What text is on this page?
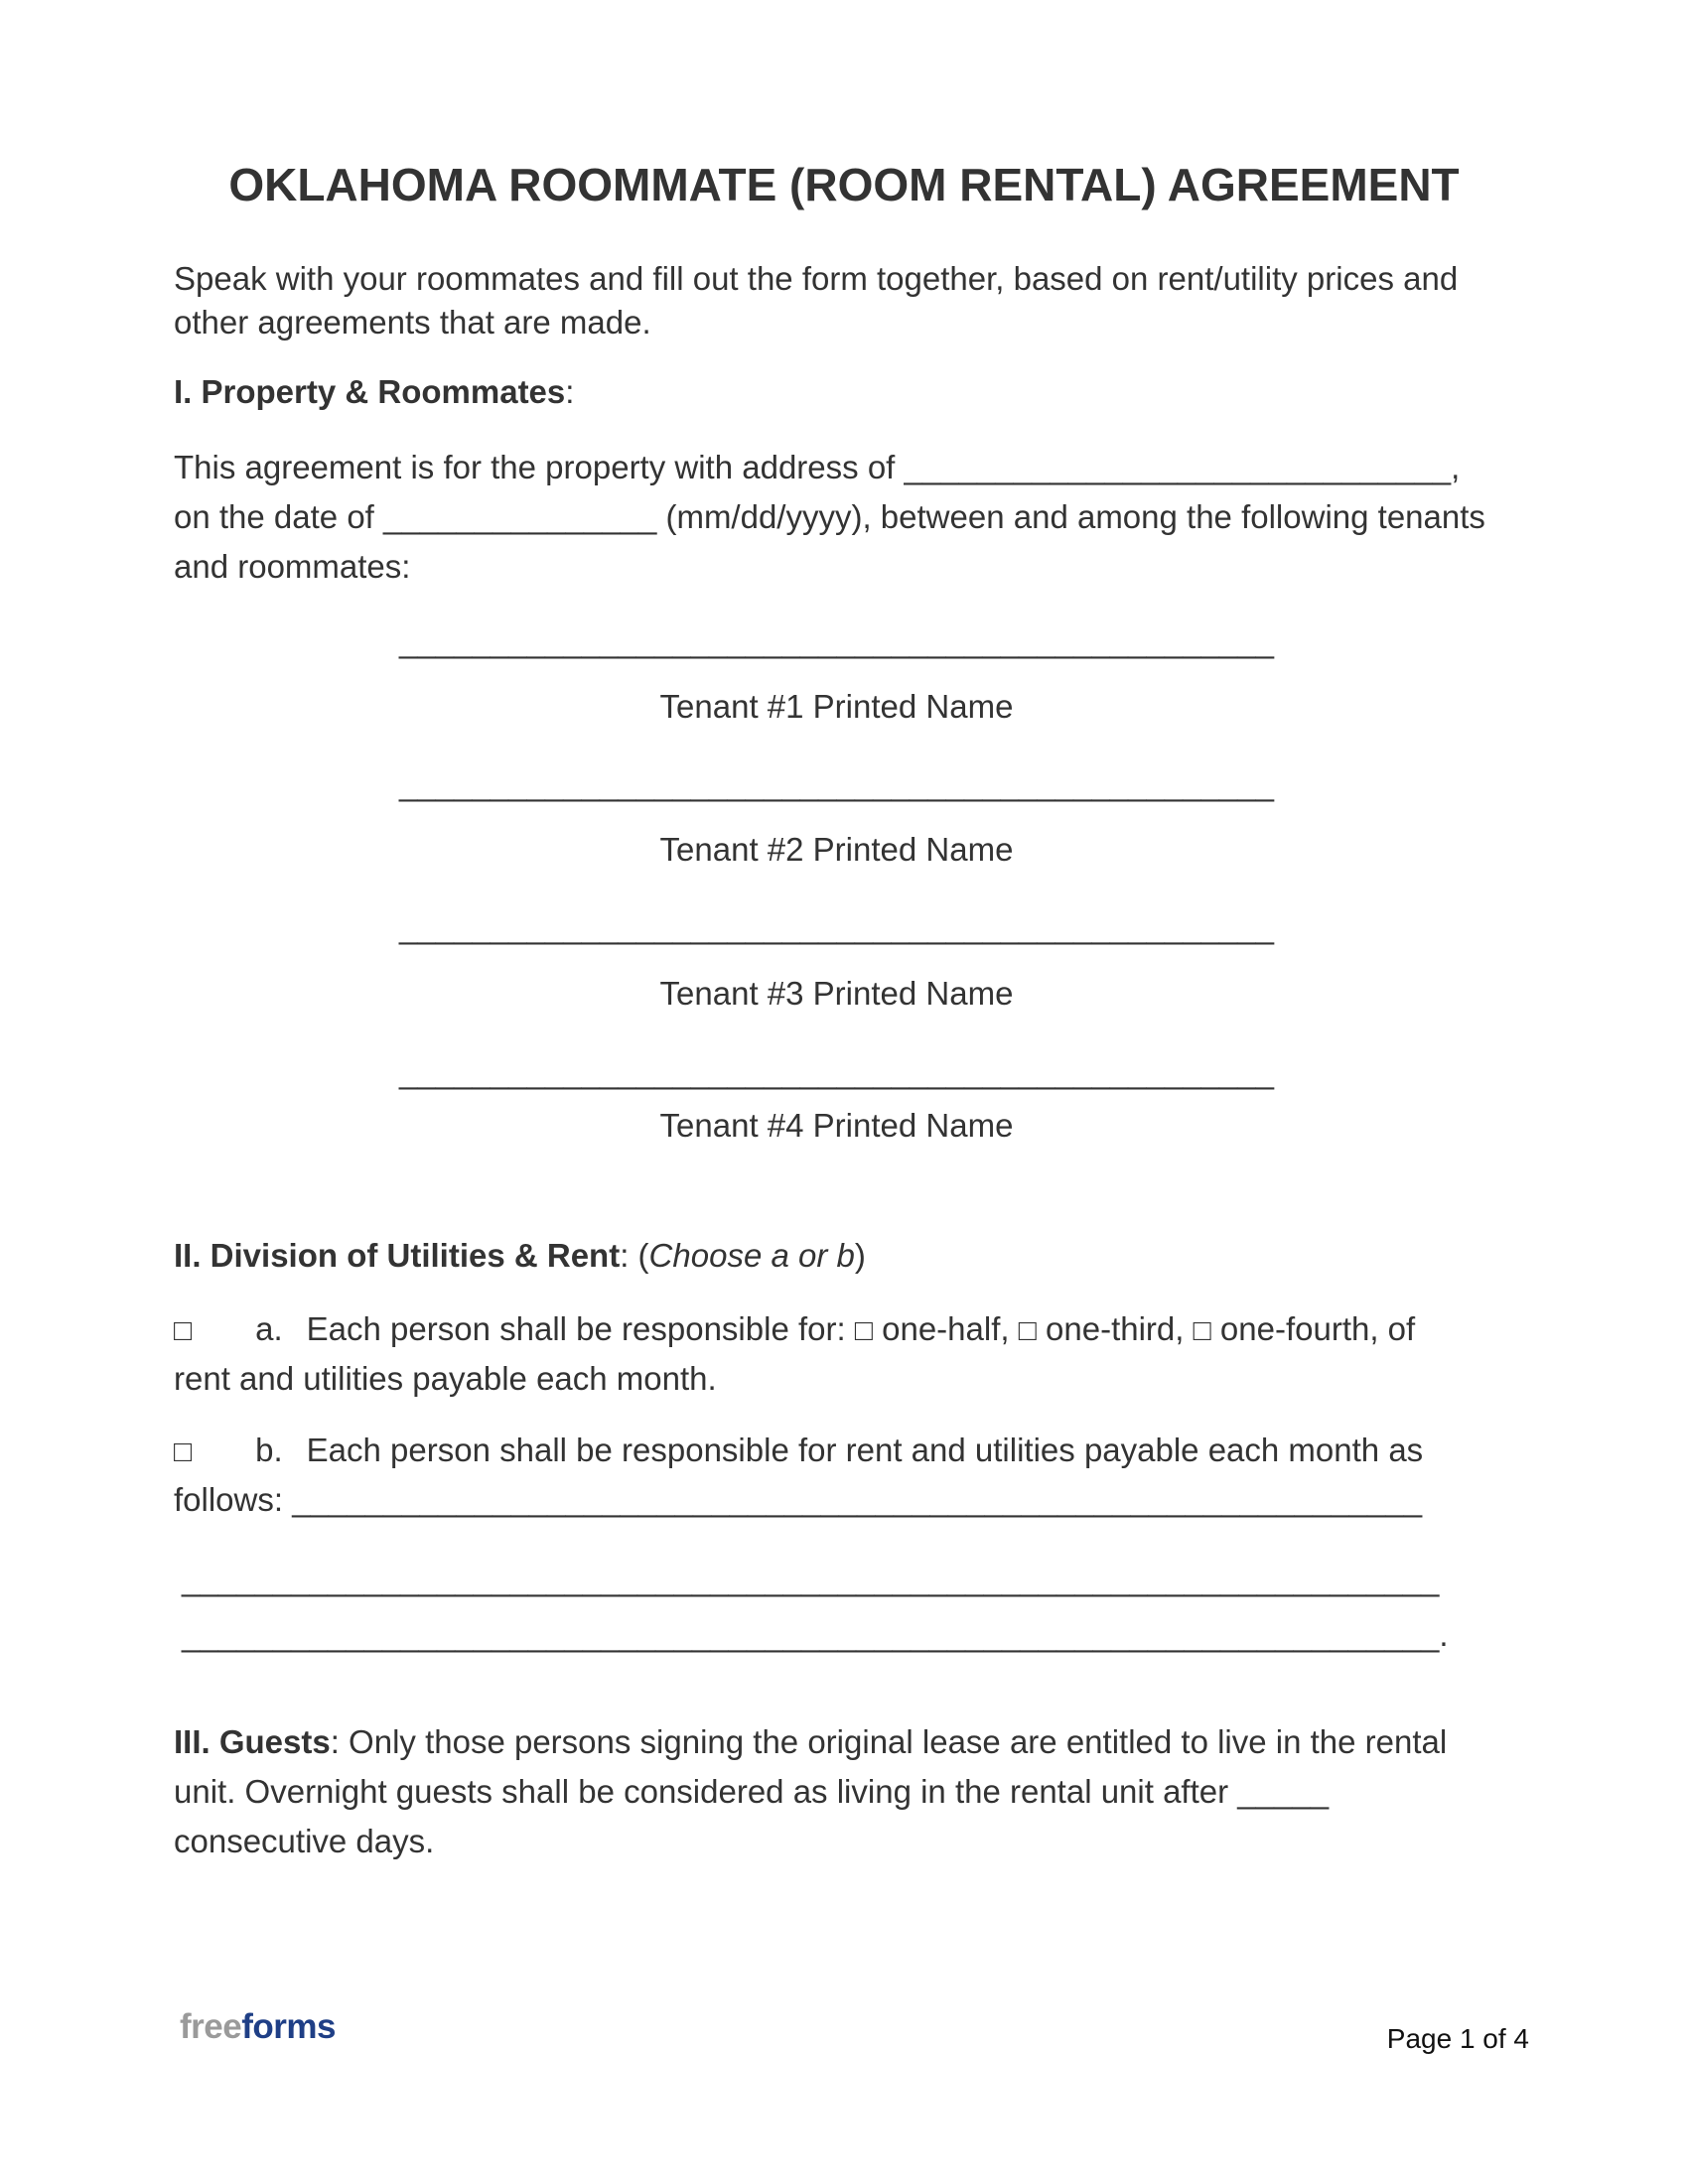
OKLAHOMA ROOMMATE (ROOM RENTAL) AGREEMENT
Speak with your roommates and fill out the form together, based on rent/utility prices and
other agreements that are made.
I. Property & Roommates:
This agreement is for the property with address of ______________________________,
on the date of _______________ (mm/dd/yyyy), between and among the following tenants
and roommates:
________________________________________________
Tenant #1 Printed Name
________________________________________________
Tenant #2 Printed Name
________________________________________________
Tenant #3 Printed Name
________________________________________________
Tenant #4 Printed Name
II. Division of Utilities & Rent: (Choose a or b)
□ a. Each person shall be responsible for: □ one-half, □ one-third, □ one-fourth, of
rent and utilities payable each month.
□ b. Each person shall be responsible for rent and utilities payable each month as
follows: ______________________________________________________________
_____________________________________________________________________
_____________________________________________________________________.
III. Guests: Only those persons signing the original lease are entitled to live in the rental
unit. Overnight guests shall be considered as living in the rental unit after _____
consecutive days.
freeforms	Page 1 of 4
